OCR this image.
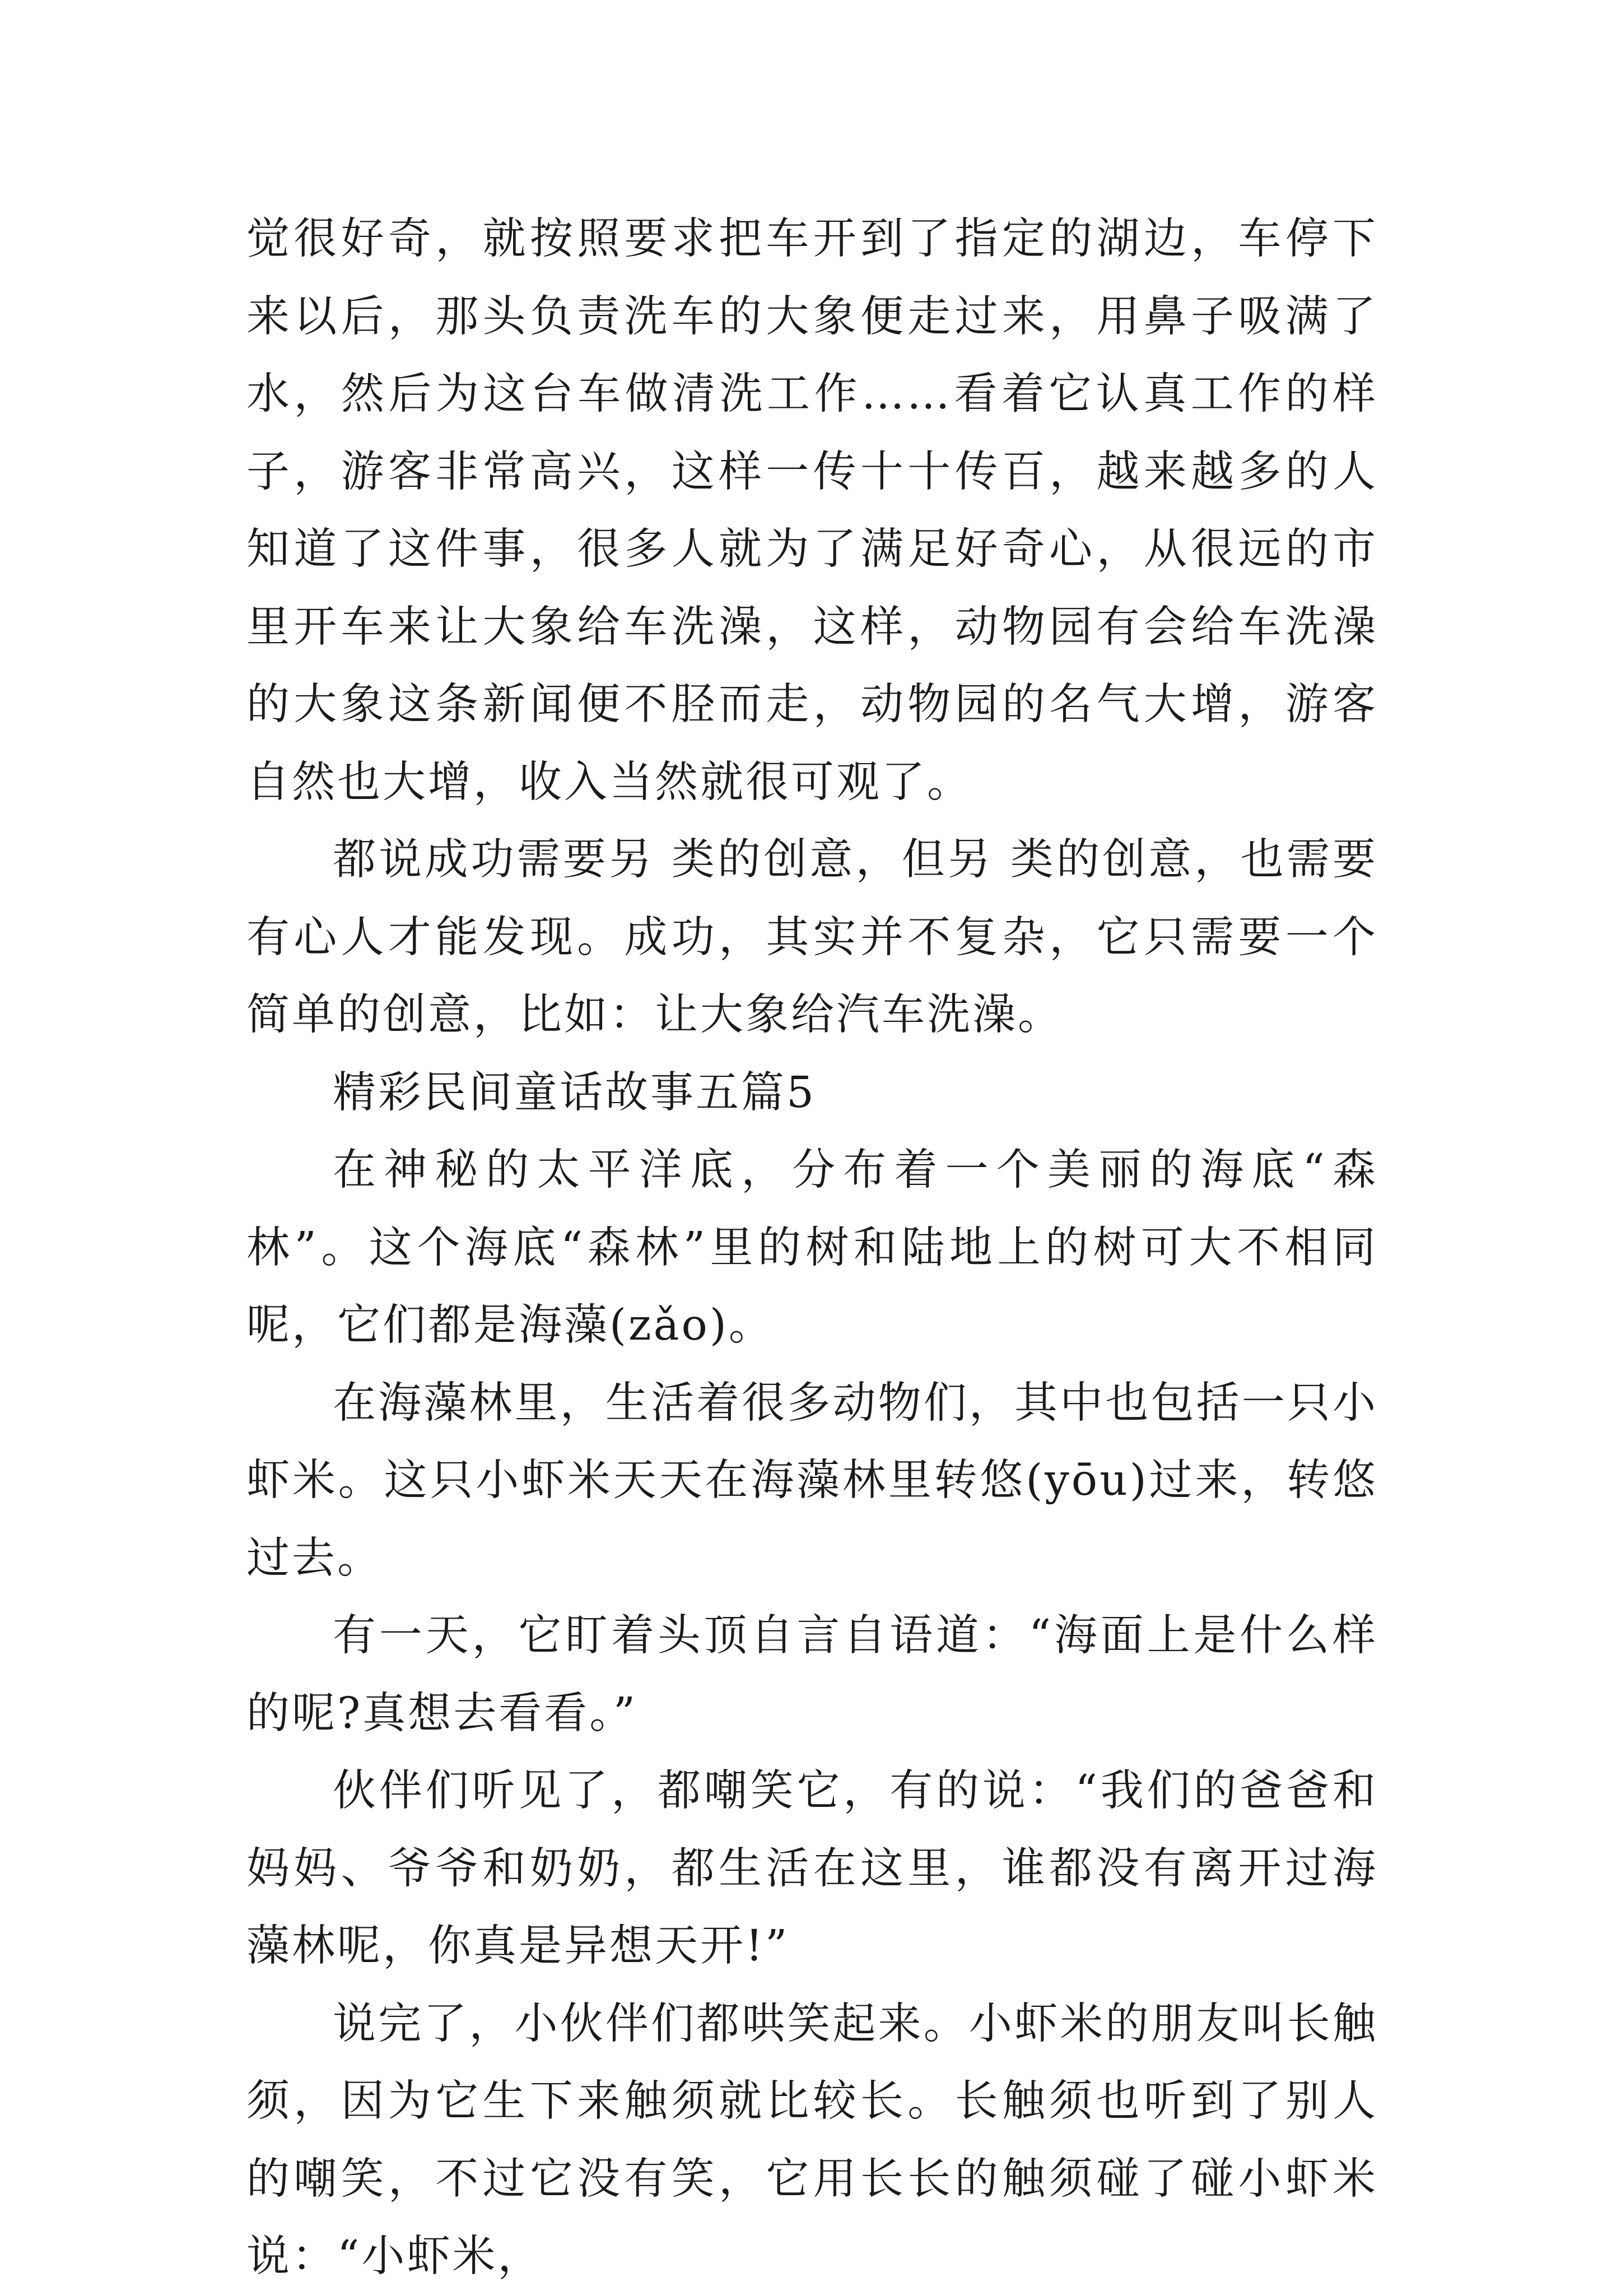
觉很好奇，就按照要求把车开到了指定的湖边，车停下来以后，那头负责洗车的大象便走过来，用鼻子吸满了水，然后为这台车做清洗工作……看着它认真工作的样子，游客非常高兴，这样一传十十传百，越来越多的人知道了这件事，很多人就为了满足好奇心，从很远的市里开车来让大象给车洗澡，这样，动物园有会给车洗澡的大象这条新闻便不胫而走，动物园的名气大增，游客自然也大增，收入当然就很可观了。

都说成功需要另 类的创意，但另 类的创意，也需要有心人才能发现。成功，其实并不复杂，它只需要一个简单的创意，比如：让大象给汽车洗澡。

精彩民间童话故事五篇5

在神秘的太平洋底，分布着一个美丽的海底“森林”。这个海底“森林”里的树和陆地上的树可大不相同呢，它们都是海藻(zǎo)。

在海藻林里，生活着很多动物们，其中也包括一只小虾米。这只小虾米天天在海藻林里转悠(yōu)过来，转悠过去。

有一天，它盯着头顶自言自语道：“海面上是什么样的呢?真想去看看。”

伙伴们听见了，都嘲笑它，有的说：“我们的爸爸和妈妈、爷爷和奶奶，都生活在这里，谁都没有离开过海藻林呢，你真是异想天开!”

说完了，小伙伴们都哄笑起来。小虾米的朋友叫长触须，因为它生下来触须就比较长。长触须也听到了别人的嘲笑，不过它没有笑，它用长长的触须碰了碰小虾米说：“小虾米，
